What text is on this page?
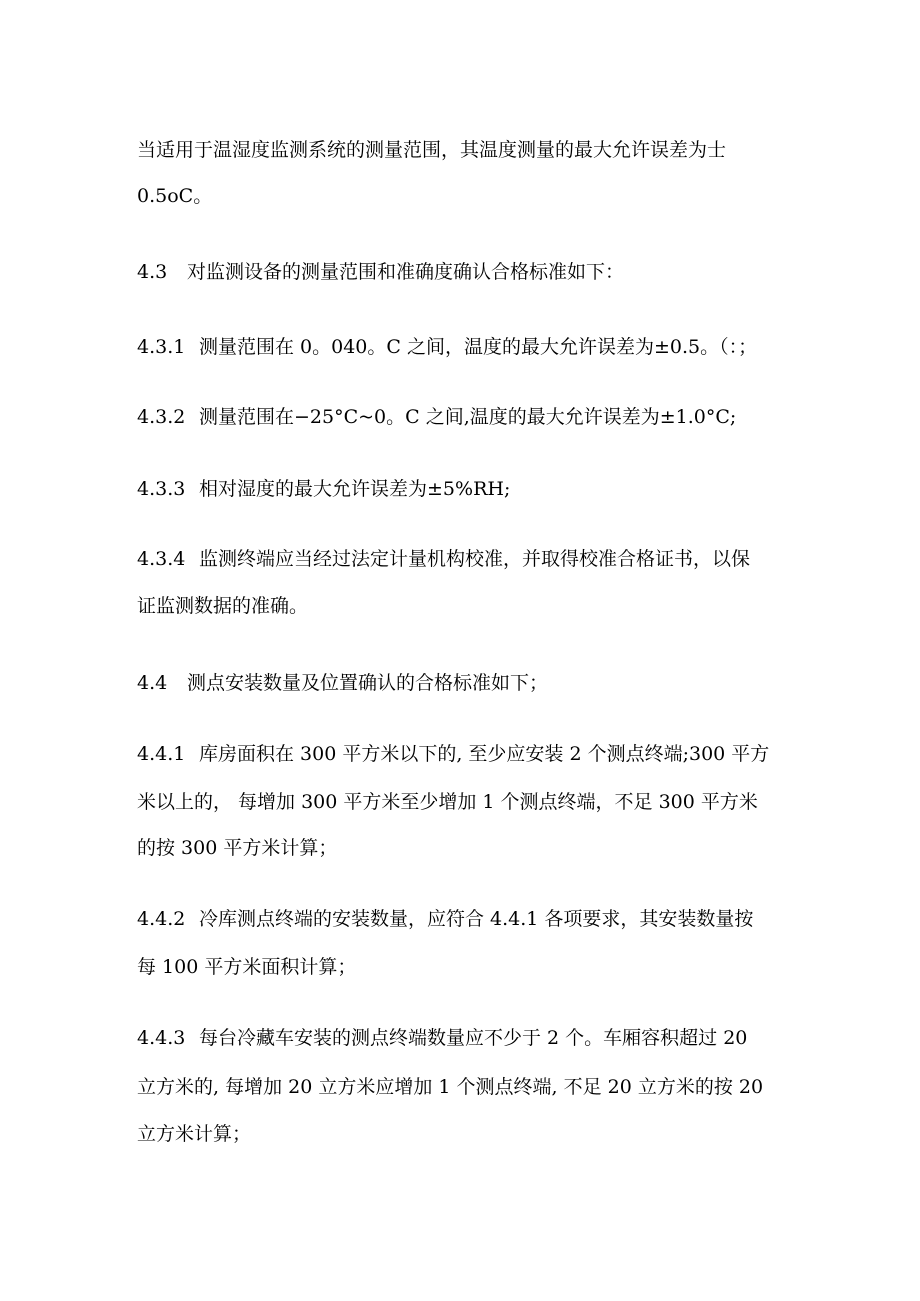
当适用于温湿度监测系统的测量范围，其温度测量的最大允许误差为士
0.5oC。
4.3 对监测设备的测量范围和准确度确认合格标准如下：
4.3.1 测量范围在 0。040。C 之间，温度的最大允许误差为±0.5。（：；
4.3.2 测量范围在−25°C~0。C 之间,温度的最大允许误差为±1.0°C;
4.3.3 相对湿度的最大允许误差为±5%RH;
4.3.4 监测终端应当经过法定计量机构校准，并取得校准合格证书，以保
证监测数据的准确。
4.4 测点安装数量及位置确认的合格标准如下；
4.4.1 库房面积在 300 平方米以下的, 至少应安装 2 个测点终端;300 平方
米以上的， 每增加 300 平方米至少增加 1 个测点终端，不足 300 平方米
的按 300 平方米计算；
4.4.2 冷库测点终端的安装数量，应符合 4.4.1 各项要求，其安装数量按
每 100 平方米面积计算；
4.4.3 每台冷藏车安装的测点终端数量应不少于 2 个。车厢容积超过 20
立方米的, 每增加 20 立方米应增加 1 个测点终端, 不足 20 立方米的按 20
立方米计算；
